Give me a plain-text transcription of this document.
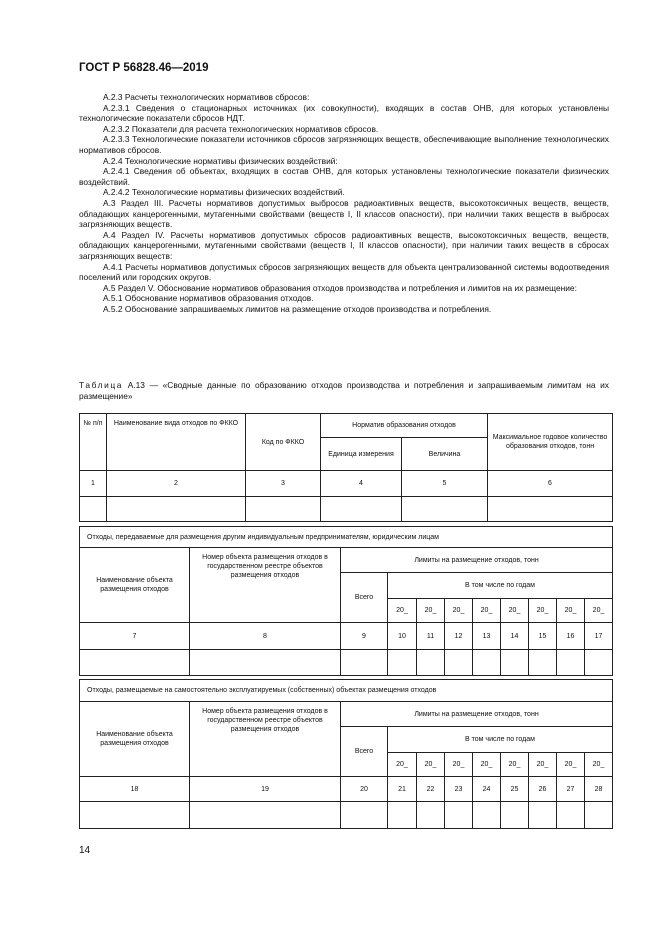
ГОСТ Р 56828.46—2019

А.2.3 Расчеты технологических нормативов сбросов:

А.2.3.1 Сведения о стационарных источниках (их совокупности), входящих в состав ОНВ, для которых установлены технологические показатели сбросов НДТ.

А.2.3.2 Показатели для расчета технологических нормативов сбросов.

А.2.3.3 Технологические показатели источников сбросов загрязняющих веществ, обеспечивающие выполнение технологических нормативов сбросов.

А.2.4 Технологические нормативы физических воздействий:

А.2.4.1 Сведения об объектах, входящих в состав ОНВ, для которых установлены технологические показатели физических воздействий.

А.2.4.2 Технологические нормативы физических воздействий.

А.3 Раздел III. Расчеты нормативов допустимых выбросов радиоактивных веществ, высокотоксичных веществ, веществ, обладающих канцерогенными, мутагенными свойствами (веществ I, II классов опасности), при наличии таких веществ в выбросах загрязняющих веществ.

А.4 Раздел IV. Расчеты нормативов допустимых сбросов радиоактивных веществ, высокотоксичных веществ, веществ, обладающих канцерогенными, мутагенными свойствами (веществ I, II классов опасности), при наличии таких веществ в сбросах загрязняющих веществ:

А.4.1 Расчеты нормативов допустимых сбросов загрязняющих веществ для объекта централизованной системы водоотведения поселений или городских округов.

А.5 Раздел V. Обоснование нормативов образования отходов производства и потребления и лимитов на их размещение:

А.5.1 Обоснование нормативов образования отходов.

А.5.2 Обоснование запрашиваемых лимитов на размещение отходов производства и потребления.

Таблица А.13 — «Сводные данные по образованию отходов производства и потребления и запрашиваемым лимитам на их размещение»
№ п/п	Наименование вида отходов по ФККО	Код по ФККО	Норматив образования отходов		Максимальное годовое количество образования отходов, тонн
			Единица измерения	Величина	
1	2	3	4	5	6

Отходы, передаваемые для размещения другим индивидуальным предпринимателям, юридическим лицам										
Наименование объекта размещения отходов	Номер объекта размещения отходов в государственном реестре объектов размещения отходов	Лимиты на размещение отходов, тонн								
		Всего	В том числе по годам							
			20_	20_	20_	20_	20_	20_	20_	20_
7	8	9	10	11	12	13	14	15	16	17

Отходы, размещаемые на самостоятельно эксплуатируемых (собственных) объектах размещения отходов										
Наименование объекта размещения отходов	Номер объекта размещения отходов в государственном реестре объектов размещения отходов	Лимиты на размещение отходов, тонн								
		Всего	В том числе по годам							
			20_	20_	20_	20_	20_	20_	20_	20_
18	19	20	21	22	23	24	25	26	27	28

14
